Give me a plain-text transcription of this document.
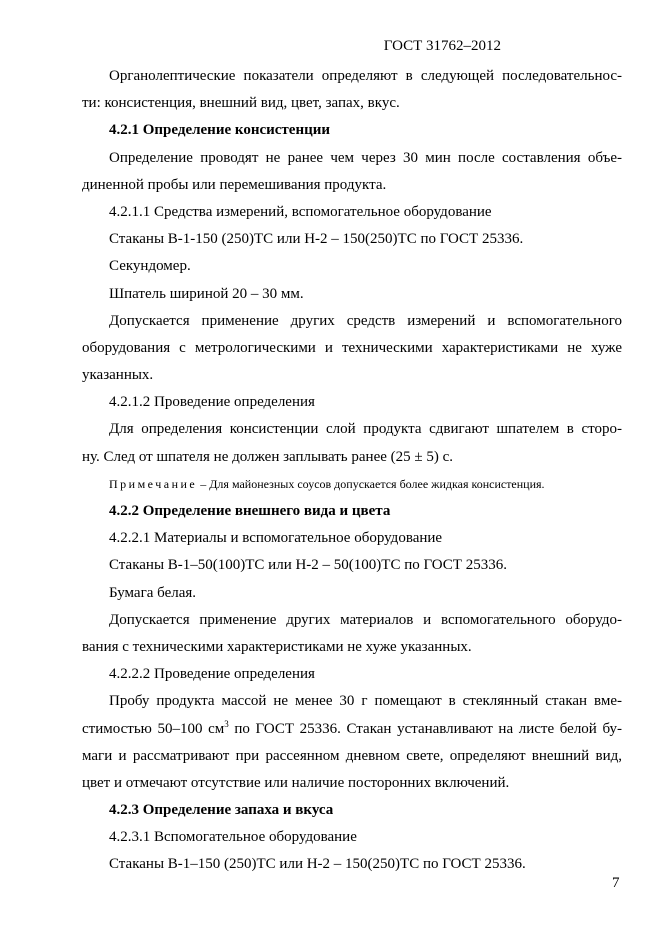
ГОСТ 31762–2012
Органолептические показатели определяют в следующей последовательнос-
ти: консистенция, внешний вид, цвет, запах, вкус.
4.2.1 Определение консистенции
Определение проводят не ранее чем через 30 мин после составления объе-
диненной пробы или перемешивания продукта.
4.2.1.1 Средства измерений, вспомогательное оборудование
Стаканы В-1-150 (250)ТС или Н-2 – 150(250)ТС по ГОСТ 25336.
Секундомер.
Шпатель шириной 20 – 30 мм.
Допускается применение других средств измерений и вспомогательного
оборудования с метрологическими и техническими характеристиками не хуже
указанных.
4.2.1.2 Проведение определения
Для определения консистенции слой продукта сдвигают шпателем в сторо-
ну. След от шпателя не должен заплывать ранее (25 ± 5) с.
Примечание – Для майонезных соусов допускается более жидкая консистенция.
4.2.2 Определение внешнего вида и цвета
4.2.2.1 Материалы и вспомогательное оборудование
Стаканы В-1–50(100)ТС или Н-2 – 50(100)ТС по ГОСТ 25336.
Бумага белая.
Допускается применение других материалов и вспомогательного оборудо-
вания с техническими характеристиками не хуже указанных.
4.2.2.2 Проведение определения
Пробу продукта массой не менее 30 г помещают в стеклянный стакан вме-
стимостью 50–100 $см^3$ по ГОСТ 25336. Стакан устанавливают на листе белой бу-
маги и рассматривают при рассеянном дневном свете, определяют внешний вид,
цвет и отмечают отсутствие или наличие посторонних включений.
4.2.3 Определение запаха и вкуса
4.2.3.1 Вспомогательное оборудование
Стаканы В-1–150 (250)ТС или Н-2 – 150(250)ТС по ГОСТ 25336.
7
